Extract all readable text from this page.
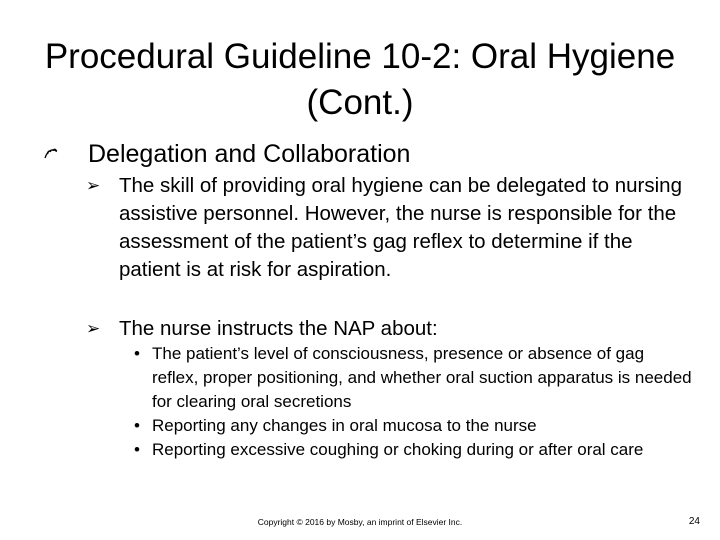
Procedural Guideline 10-2: Oral Hygiene (Cont.)
Delegation and Collaboration
➢ The skill of providing oral hygiene can be delegated to nursing assistive personnel. However, the nurse is responsible for the assessment of the patient’s gag reflex to determine if the patient is at risk for aspiration.
➢ The nurse instructs the NAP about:
• The patient’s level of consciousness, presence or absence of gag reflex, proper positioning, and whether oral suction apparatus is needed for clearing oral secretions
• Reporting any changes in oral mucosa to the nurse
• Reporting excessive coughing or choking during or after oral care
Copyright © 2016 by Mosby, an imprint of Elsevier Inc.	24
